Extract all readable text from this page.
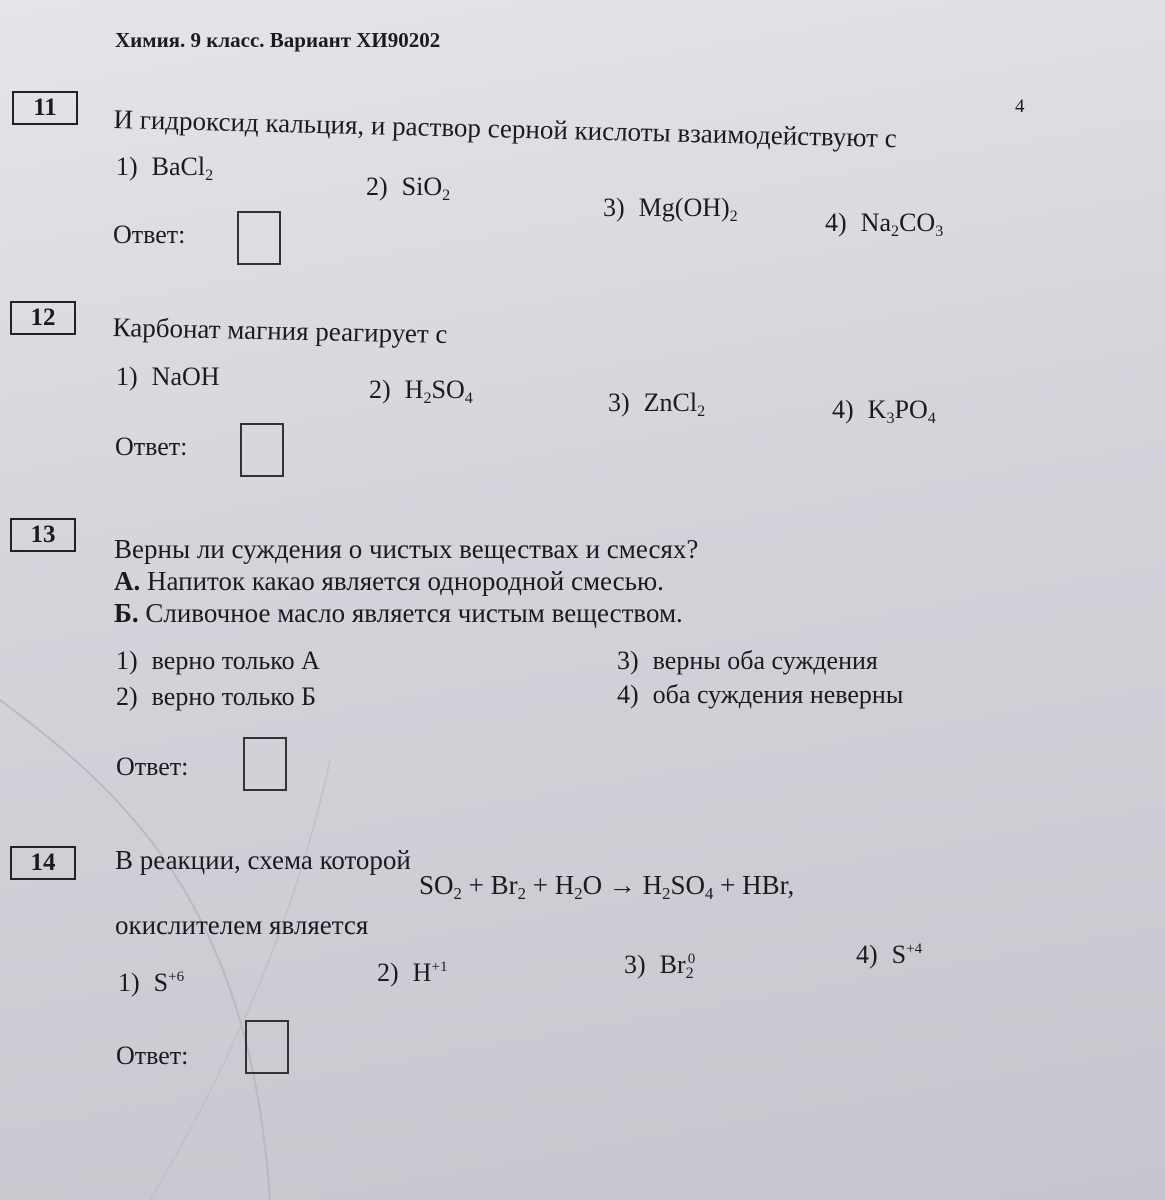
Химия. 9 класс. Вариант ХИ90202
4
11	И гидроксид кальция, и раствор серной кислоты взаимодействуют с
1) BaCl$_2$	2) SiO$_2$	3) $Mg(OH)_2$	4) $Na_2CO_3$
Ответ:
12	Карбонат магния реагирует с
1) NaOH	2) $H_2SO_4$	3) ZnCl$_2$	4) $K_3PO_4$
Ответ:
13	Верны ли суждения о чистых веществах и смесях?
А. Напиток какао является однородной смесью.
Б. Сливочное масло является чистым веществом.
1) верно только А
2) верно только Б
3) верны оба суждения
4) оба суждения неверны
Ответ:
14	В реакции, схема которой
$SO_2 + Br_2 + H_2O \to H_2SO_4$ + HBr,
окислителем является
1) $S^{+6}$	2) $H^{+1}$	3) $Br_2^0$	4) $S^{+4}$
Ответ:
